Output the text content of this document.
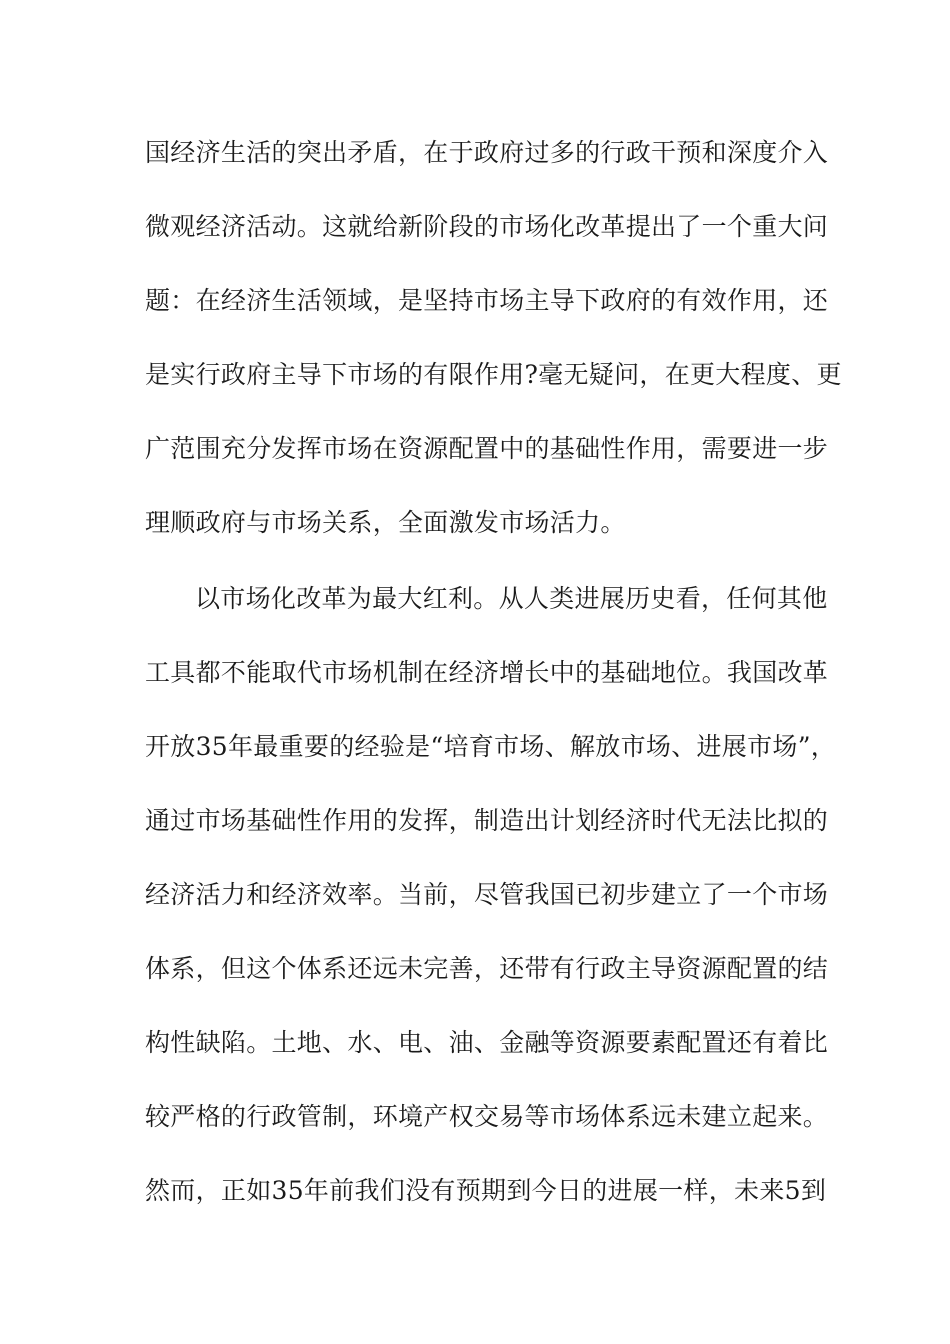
国经济生活的突出矛盾，在于政府过多的行政干预和深度介入
微观经济活动。这就给新阶段的市场化改革提出了一个重大问
题：在经济生活领域，是坚持市场主导下政府的有效作用，还
是实行政府主导下市场的有限作用?毫无疑问，在更大程度、更
广范围充分发挥市场在资源配置中的基础性作用，需要进一步
理顺政府与市场关系，全面激发市场活力。
以市场化改革为最大红利。从人类进展历史看，任何其他
工具都不能取代市场机制在经济增长中的基础地位。我国改革
开放35年最重要的经验是“培育市场、解放市场、进展市场”，
通过市场基础性作用的发挥，制造出计划经济时代无法比拟的
经济活力和经济效率。当前，尽管我国已初步建立了一个市场
体系，但这个体系还远未完善，还带有行政主导资源配置的结
构性缺陷。土地、水、电、油、金融等资源要素配置还有着比
较严格的行政管制，环境产权交易等市场体系远未建立起来。
然而，正如35年前我们没有预期到今日的进展一样，未来5到
